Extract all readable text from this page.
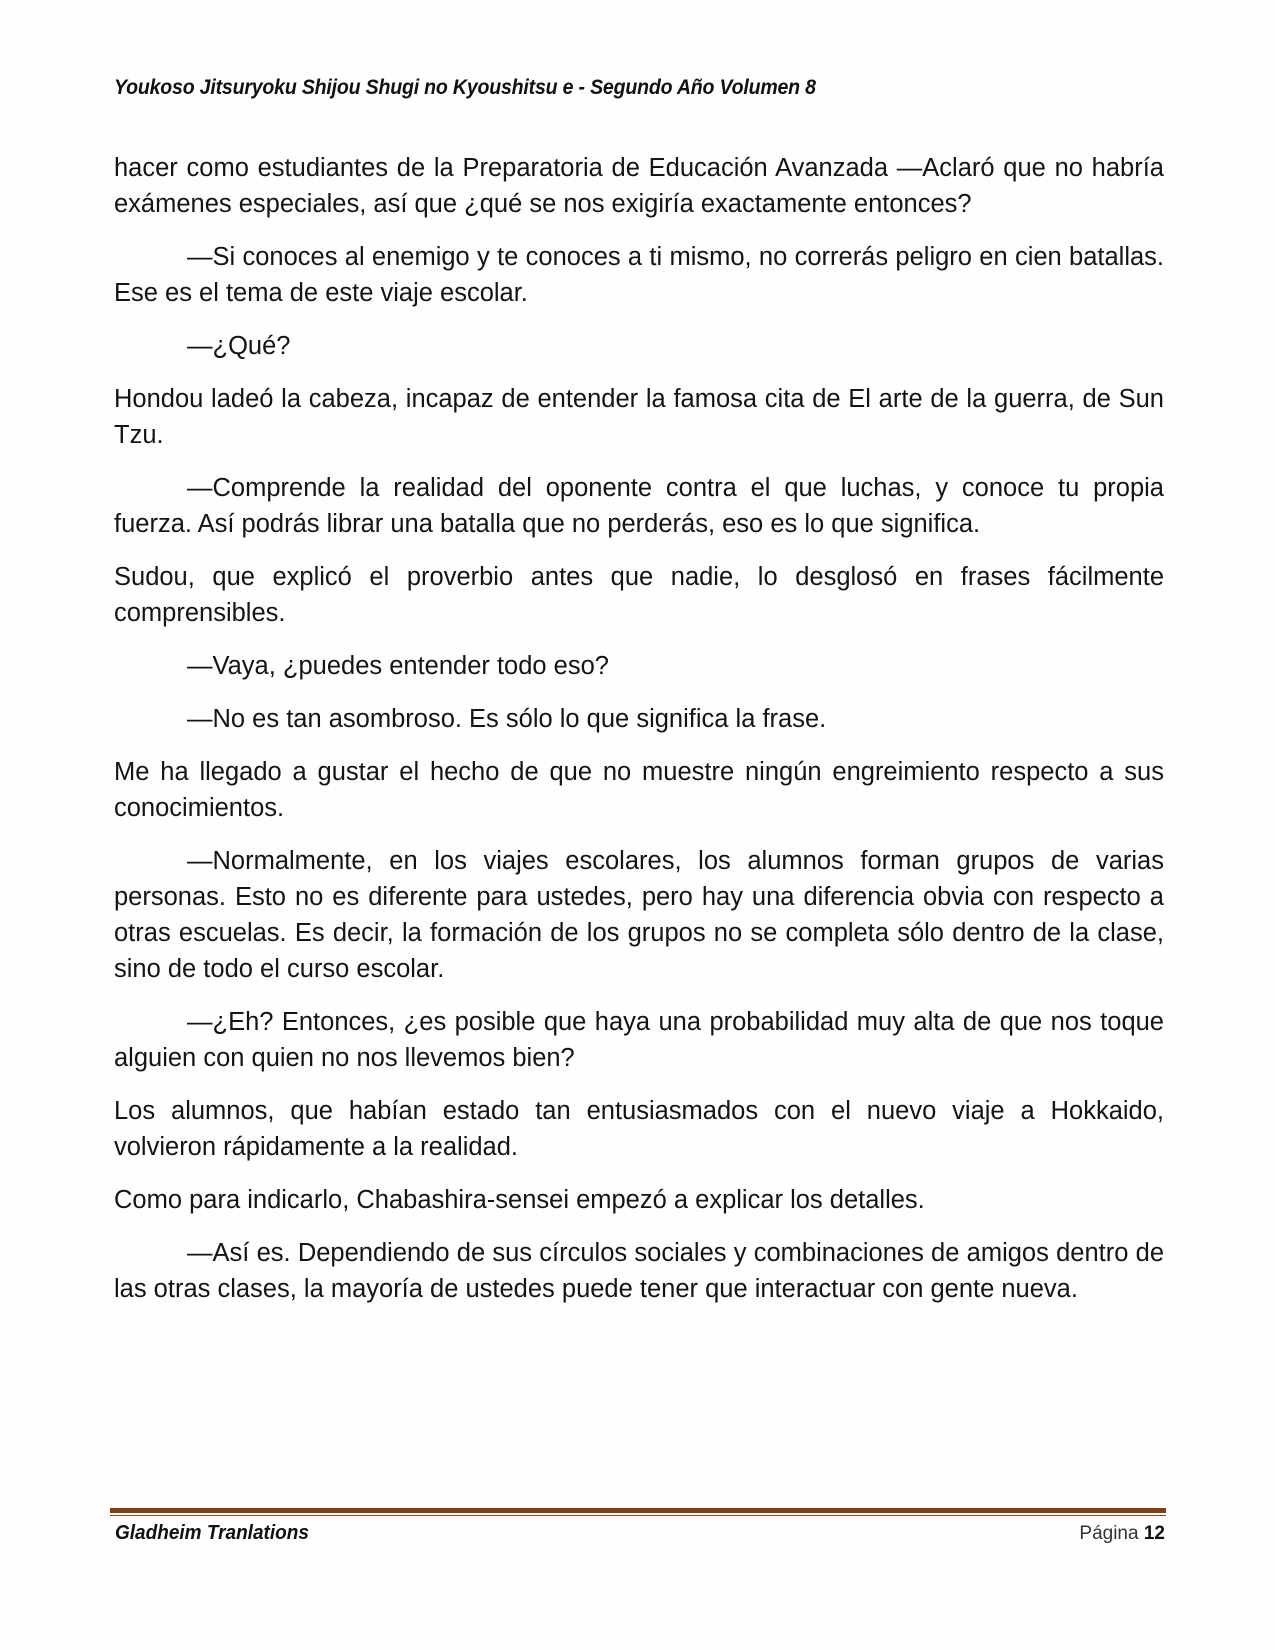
Youkoso Jitsuryoku Shijou Shugi no Kyoushitsu e - Segundo Año Volumen 8

hacer como estudiantes de la Preparatoria de Educación Avanzada —Aclaró que no habría exámenes especiales, así que ¿qué se nos exigiría exactamente entonces?

—Si conoces al enemigo y te conoces a ti mismo, no correrás peligro en cien batallas. Ese es el tema de este viaje escolar.

—¿Qué?

Hondou ladeó la cabeza, incapaz de entender la famosa cita de El arte de la guerra, de Sun Tzu.

—Comprende la realidad del oponente contra el que luchas, y conoce tu propia fuerza. Así podrás librar una batalla que no perderás, eso es lo que significa.

Sudou, que explicó el proverbio antes que nadie, lo desglosó en frases fácilmente comprensibles.

—Vaya, ¿puedes entender todo eso?

—No es tan asombroso. Es sólo lo que significa la frase.

Me ha llegado a gustar el hecho de que no muestre ningún engreimiento respecto a sus conocimientos.

—Normalmente, en los viajes escolares, los alumnos forman grupos de varias personas. Esto no es diferente para ustedes, pero hay una diferencia obvia con respecto a otras escuelas. Es decir, la formación de los grupos no se completa sólo dentro de la clase, sino de todo el curso escolar.

—¿Eh? Entonces, ¿es posible que haya una probabilidad muy alta de que nos toque alguien con quien no nos llevemos bien?

Los alumnos, que habían estado tan entusiasmados con el nuevo viaje a Hokkaido, volvieron rápidamente a la realidad.

Como para indicarlo, Chabashira-sensei empezó a explicar los detalles.

—Así es. Dependiendo de sus círculos sociales y combinaciones de amigos dentro de las otras clases, la mayoría de ustedes puede tener que interactuar con gente nueva.

Gladheim Tranlations	Página 12
